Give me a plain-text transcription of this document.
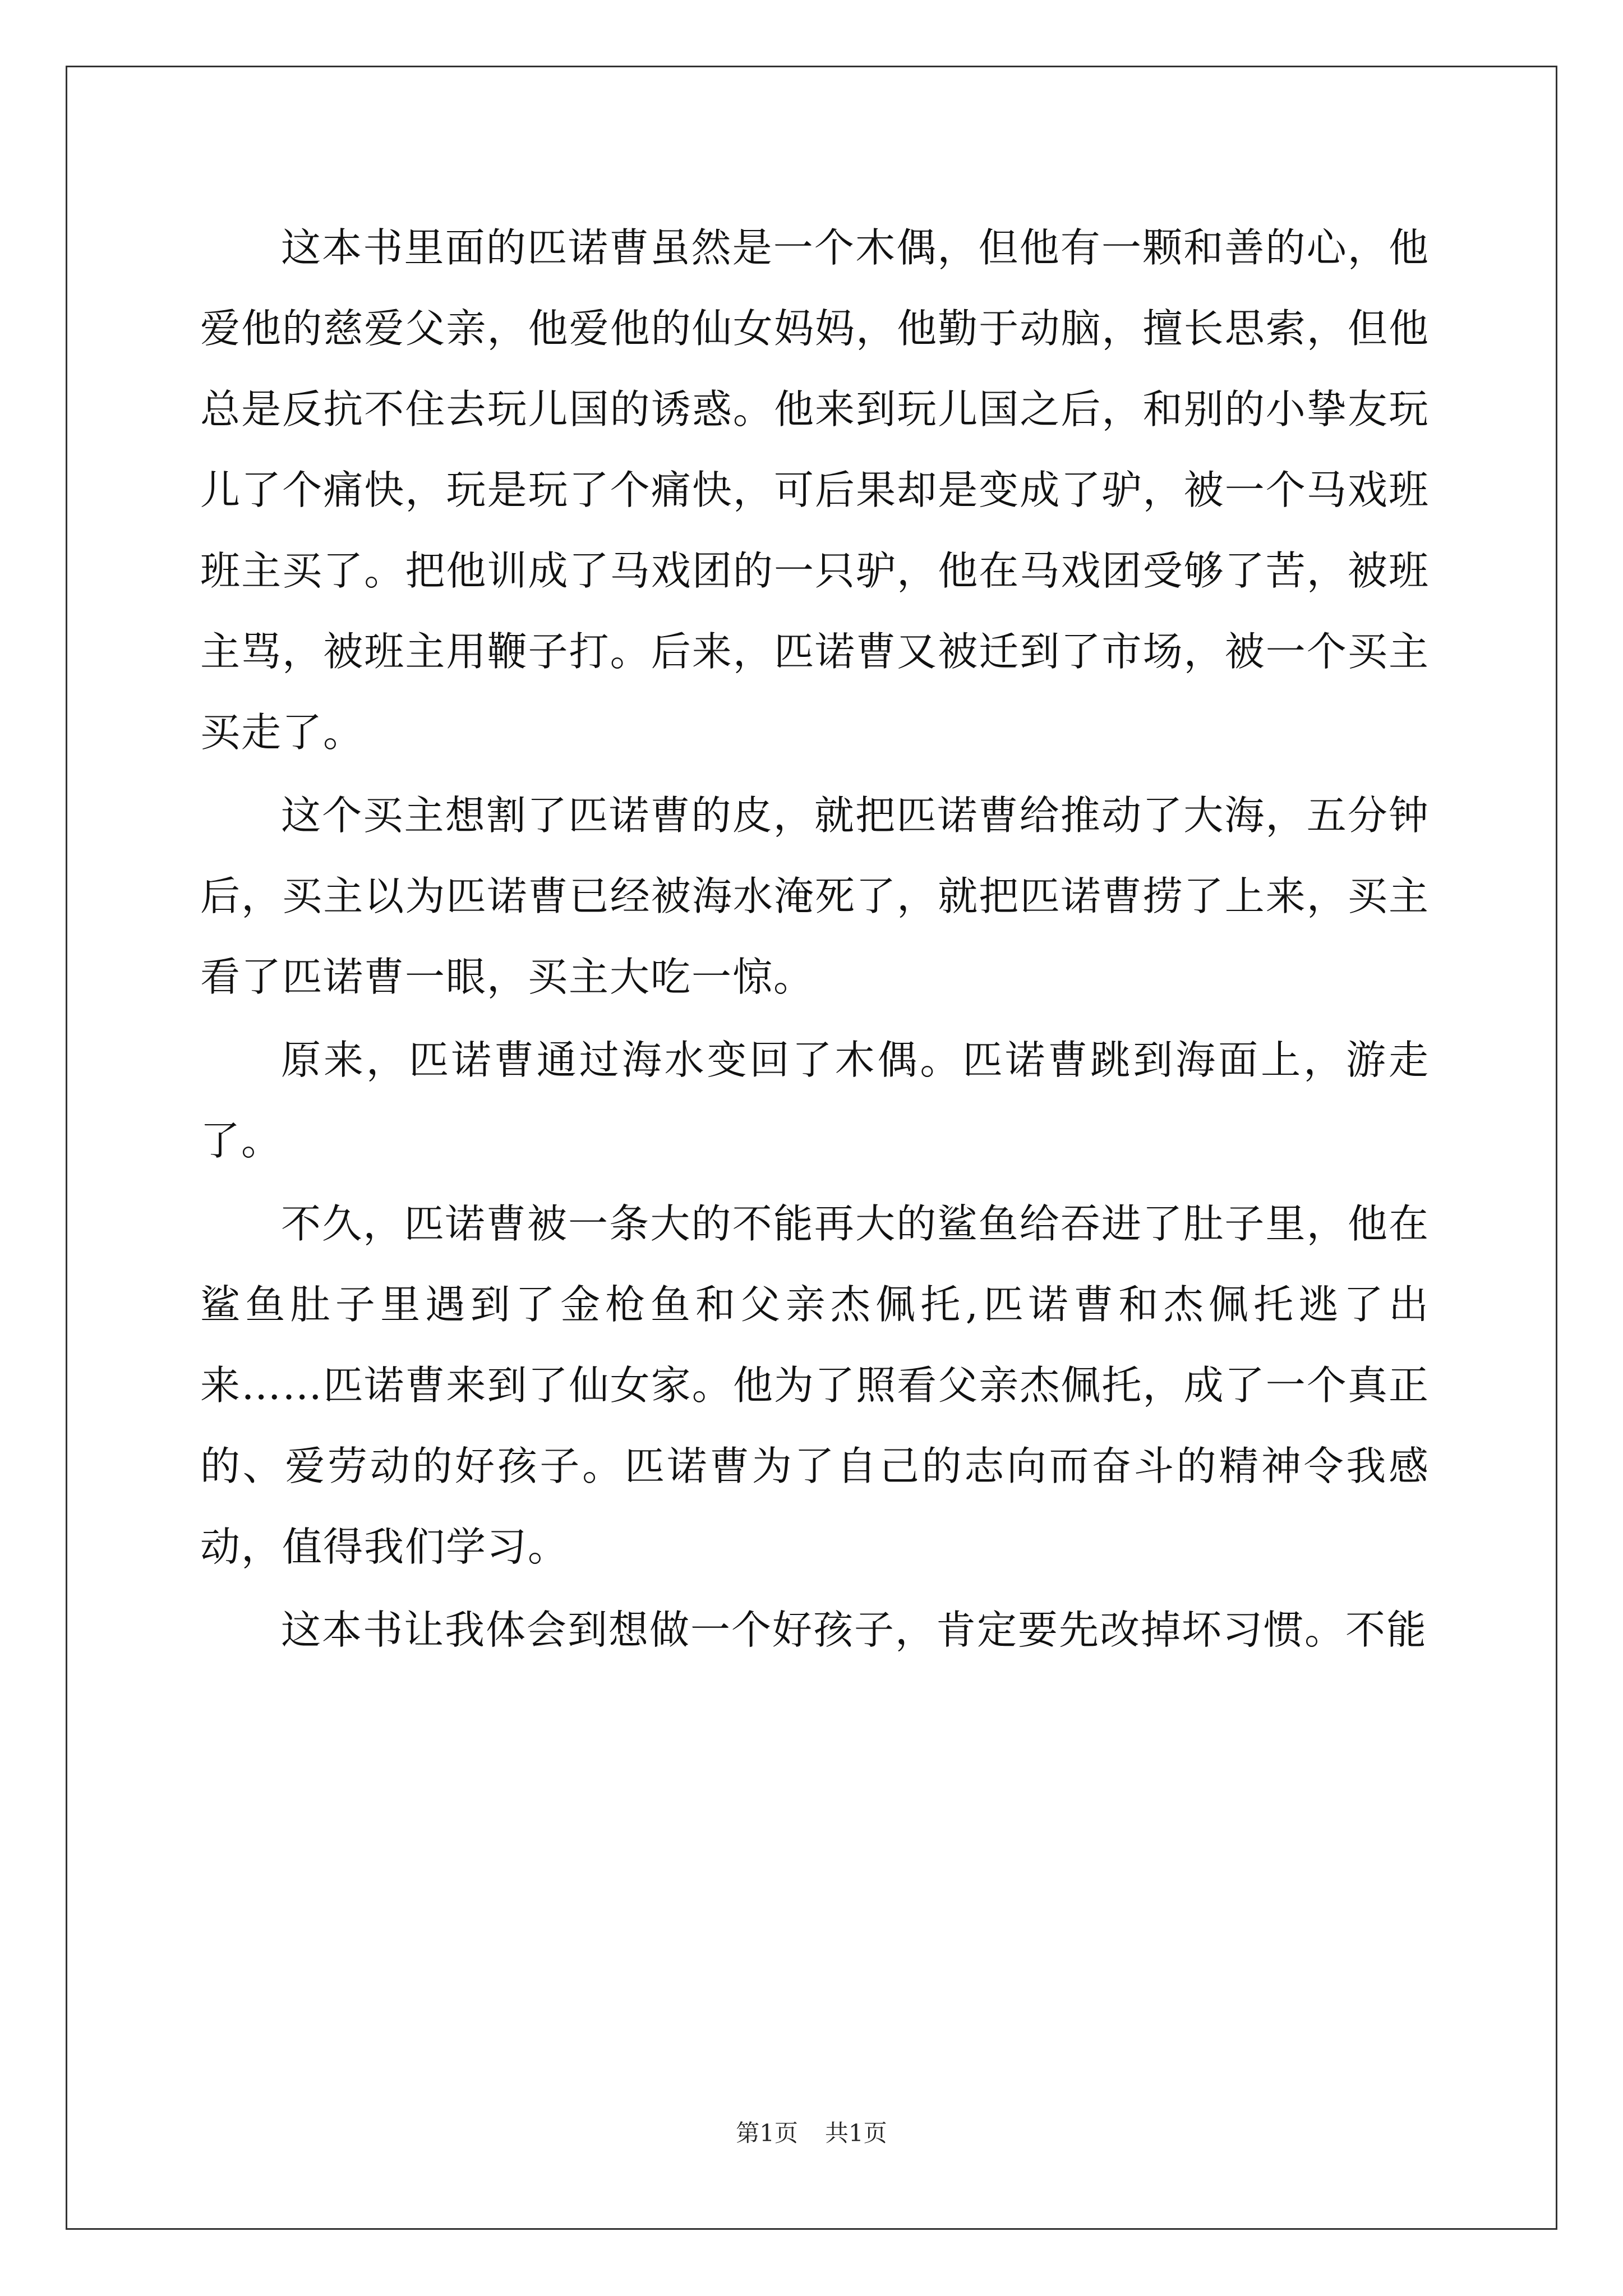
这本书里面的匹诺曹虽然是一个木偶，但他有一颗和善的心，他爱他的慈爱父亲，他爱他的仙女妈妈，他勤于动脑，擅长思索，但他总是反抗不住去玩儿国的诱惑。他来到玩儿国之后，和别的小挚友玩儿了个痛快，玩是玩了个痛快，可后果却是变成了驴，被一个马戏班班主买了。把他训成了马戏团的一只驴，他在马戏团受够了苦，被班主骂，被班主用鞭子打。后来，匹诺曹又被迁到了市场，被一个买主买走了。

这个买主想割了匹诺曹的皮，就把匹诺曹给推动了大海，五分钟后，买主以为匹诺曹已经被海水淹死了，就把匹诺曹捞了上来，买主看了匹诺曹一眼，买主大吃一惊。

原来，匹诺曹通过海水变回了木偶。匹诺曹跳到海面上，游走了。

不久，匹诺曹被一条大的不能再大的鲨鱼给吞进了肚子里，他在鲨鱼肚子里遇到了金枪鱼和父亲杰佩托,匹诺曹和杰佩托逃了出来……匹诺曹来到了仙女家。他为了照看父亲杰佩托，成了一个真正的、爱劳动的好孩子。匹诺曹为了自己的志向而奋斗的精神令我感动，值得我们学习。

这本书让我体会到想做一个好孩子，肯定要先改掉坏习惯。不能

第1页 共1页
